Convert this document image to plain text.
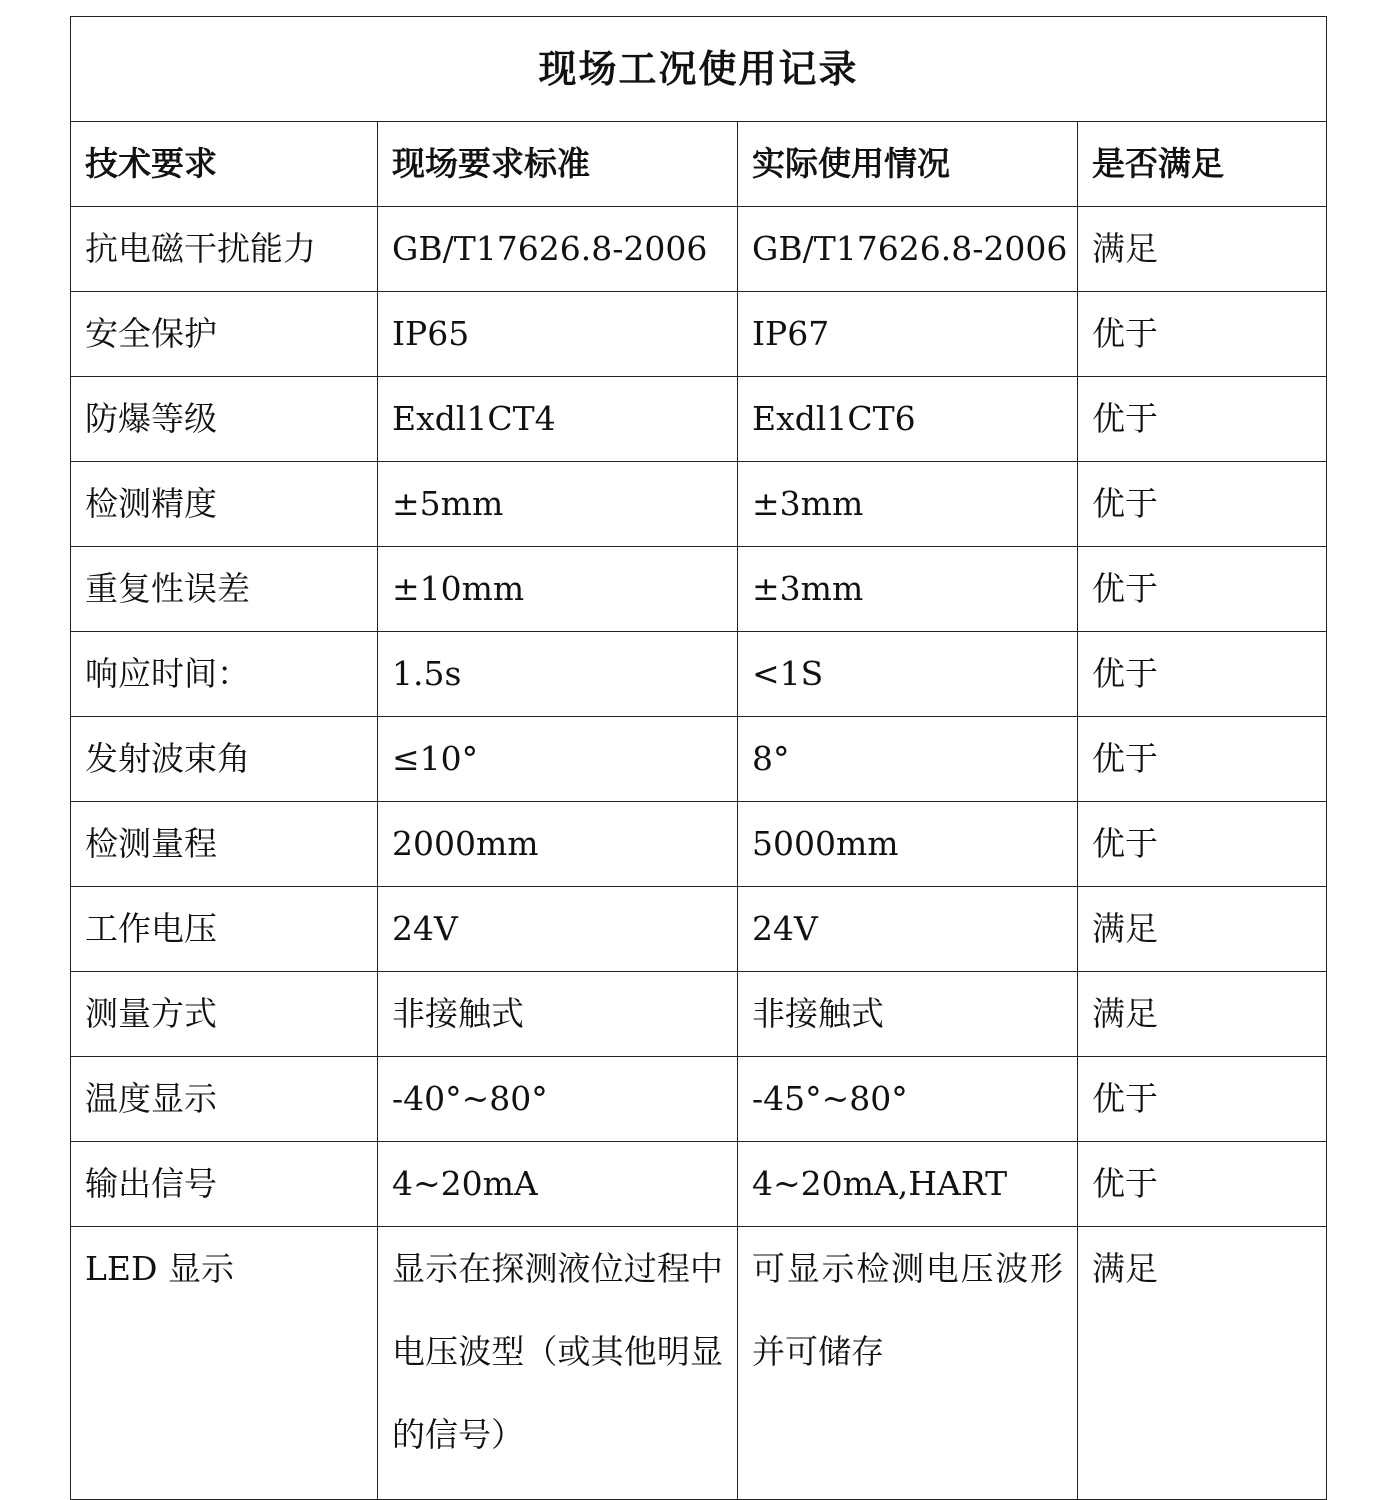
现场工况使用记录			
技术要求	现场要求标准	实际使用情况	是否满足
抗电磁干扰能力	GB/T17626.8-2006	GB/T17626.8-2006	满足
安全保护	IP65	IP67	优于
防爆等级	Exdl1CT4	Exdl1CT6	优于
检测精度	±5mm	±3mm	优于
重复性误差	±10mm	±3mm	优于
响应时间：	1.5s	<1S	优于
发射波束角	≤10°	8°	优于
检测量程	2000mm	5000mm	优于
工作电压	24V	24V	满足
测量方式	非接触式	非接触式	满足
温度显示	-40°~80°	-45°~80°	优于
输出信号	4~20mA	4~20mA,HART	优于

LED 显示	显示在探测液位过程中电压波型（或其他明显的信号）	可显示检测电压波形并可储存	满足
